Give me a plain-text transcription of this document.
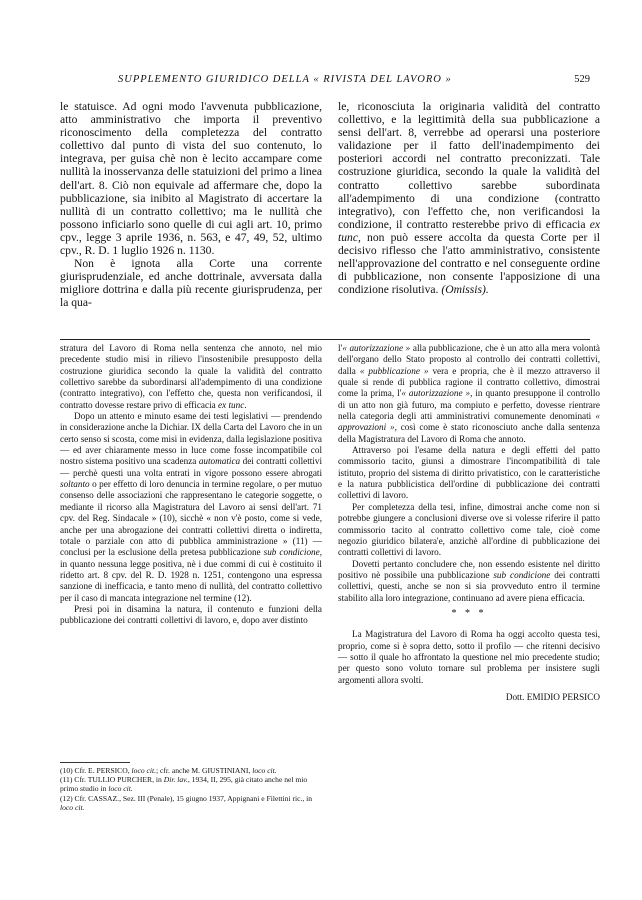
SUPPLEMENTO GIURIDICO DELLA « RIVISTA DEL LAVORO »	529

le statuisce. Ad ogni modo l'avvenuta pubblicazione, atto amministrativo che importa il preventivo riconoscimento della completezza del contratto collettivo dal punto di vista del suo contenuto, lo integrava, per guisa chè non è lecito accampare come nullità la inosservanza delle statuizioni del primo a linea dell'art. 8. Ciò non equivale ad affermare che, dopo la pubblicazione, sia inibito al Magistrato di accertare la nullità di un contratto collettivo; ma le nullità che possono inficiarlo sono quelle di cui agli art. 10, primo cpv., legge 3 aprile 1936, n. 563, e 47, 49, 52, ultimo cpv., R. D. 1 luglio 1926 n. 1130.

Non è ignota alla Corte una corrente giurisprudenziale, ed anche dottrinale, avversata dalla migliore dottrina e dalla più recente giurisprudenza, per la qua-

le, riconosciuta la originaria validità del contratto collettivo, e la legittimità della sua pubblicazione a sensi dell'art. 8, verrebbe ad operarsi una posteriore validazione per il fatto dell'inadempimento dei posteriori accordi nel contratto preconizzati. Tale costruzione giuridica, secondo la quale la validità del contratto collettivo sarebbe subordinata all'adempimento di una condizione (contratto integrativo), con l'effetto che, non verificandosi la condizione, il contratto resterebbe privo di efficacia ex tunc, non può essere accolta da questa Corte per il decisivo riflesso che l'atto amministrativo, consistente nell'approvazione del contratto e nel conseguente ordine di pubblicazione, non consente l'apposizione di una condizione risolutiva. (Omissis).

stratura del Lavoro di Roma nella sentenza che annoto, nel mio precedente studio misi in rilievo l'insostenibile presupposto della costruzione giuridica secondo la quale la validità del contratto collettivo sarebbe da subordinarsi all'adempimento di una condizione (contratto integrativo), con l'effetto che, questa non verificandosi, il contratto dovesse restare privo di efficacia ex tunc.

Dopo un attento e minuto esame dei testi legislativi — prendendo in considerazione anche la Dichiar. IX della Carta del Lavoro che in un certo senso si scosta, come misi in evidenza, dalla legislazione positiva — ed aver chiaramente messo in luce come fosse incompatibile col nostro sistema positivo una scadenza automatica dei contratti collettivi — perchè questi una volta entrati in vigore possono essere abrogati soltanto o per effetto di loro denuncia in termine regolare, o per mutuo consenso delle associazioni che rappresentano le categorie soggette, o mediante il ricorso alla Magistratura del Lavoro ai sensi dell'art. 71 cpv. del Reg. Sindacale » (10), sicchè « non v'è posto, come si vede, anche per una abrogazione dei contratti collettivi diretta o indiretta, totale o parziale con atto di pubblica amministrazione » (11) — conclusi per la esclusione della pretesa pubblicazione sub condicione, in quanto nessuna legge positiva, nè i due commi di cui è costituito il ridetto art. 8 cpv. del R. D. 1928 n. 1251, contengono una espressa sanzione di inefficacia, e tanto meno di nullità, del contratto collettivo per il caso di mancata integrazione nel termine (12).

Presi poi in disamina la natura, il contenuto e funzioni della pubblicazione dei contratti collettivi di lavoro, e, dopo aver distinto

l'« autorizzazione » alla pubblicazione, che è un atto alla mera volontà dell'organo dello Stato proposto al controllo dei contratti collettivi, dalla « pubblicazione » vera e propria, che è il mezzo attraverso il quale si rende di pubblica ragione il contratto collettivo, dimostrai come la prima, l'« autorizzazione », in quanto presuppone il controllo di un atto non già futuro, ma compiuto e perfetto, dovesse rientrare nella categoria degli atti amministrativi comunemente denominati « approvazioni », così come è stato riconosciuto anche dalla sentenza della Magistratura del Lavoro di Roma che annoto.

Attraverso poi l'esame della natura e degli effetti del patto commissorio tacito, giunsi a dimostrare l'incompatibilità di tale istituto, proprio del sistema di diritto privatistico, con le caratteristiche e la natura pubblicistica dell'ordine di pubblicazione dei contratti collettivi di lavoro.

Per completezza della tesi, infine, dimostrai anche come non si potrebbe giungere a conclusioni diverse ove si volesse riferire il patto commissorio tacito al contratto collettivo come tale, cioè come negozio giuridico bilatera'e, anzichè all'ordine di pubblicazione dei contratti collettivi di lavoro.

Dovetti pertanto concludere che, non essendo esistente nel diritto positivo nè possibile una pubblicazione sub condicione dei contratti collettivi, questi, anche se non si sia provveduto entro il termine stabilito alla loro integrazione, continuano ad avere piena efficacia.

* * *

La Magistratura del Lavoro di Roma ha oggi accolto questa tesi, proprio, come si è sopra detto, sotto il profilo — che ritenni decisivo — sotto il quale ho affrontato la questione nel mio precedente studio; per questo sono voluto tornare sul problema per insistere sugli argomenti allora svolti.

Dott. EMIDIO PERSICO

(10) Cfr. E. PERSICO, loco cit.; cfr. anche M. GIUSTINIANI, loco cit.

(11) Cfr. TULLIO PURCHER, in Dir. lav., 1934, II, 295, già citato anche nel mio primo studio in loco cit.

(12) Cfr. CASSAZ., Sez. III (Penale), 15 giugno 1937, Appignani e Filettini ric., in loco cit.
